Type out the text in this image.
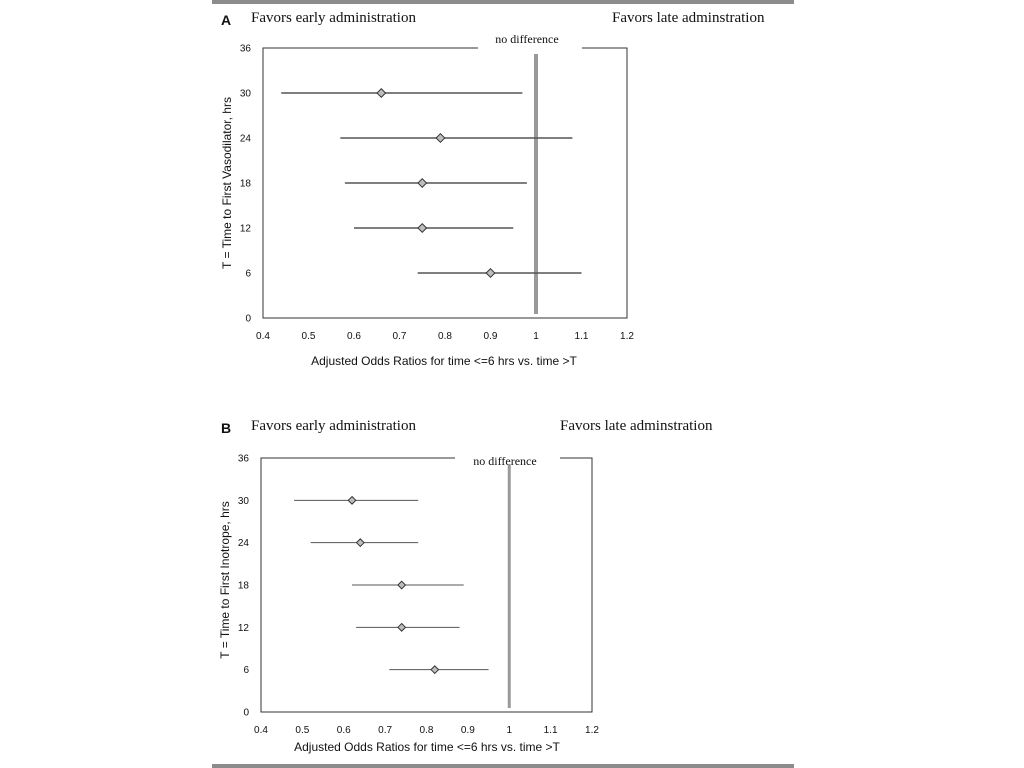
A Favors early administration	Favors late adminstration
no difference
0
6
12
18
24
30
36
0.4	0.5	0.6	0.7	0.8	0.9	1	1.1	1.2
Adjusted Odds Ratios for time <=6 hrs vs. time >T
T = Time to First Vasodilator, hrs
B Favors early administration	Favors late adminstration
no difference
0
6
12
18
24
30
36
0.4	0.5	0.6	0.7	0.8	0.9	1	1.1	1.2
Adjusted Odds Ratios for time <=6 hrs vs. time >T
T = Time to First Inotrope, hrs
